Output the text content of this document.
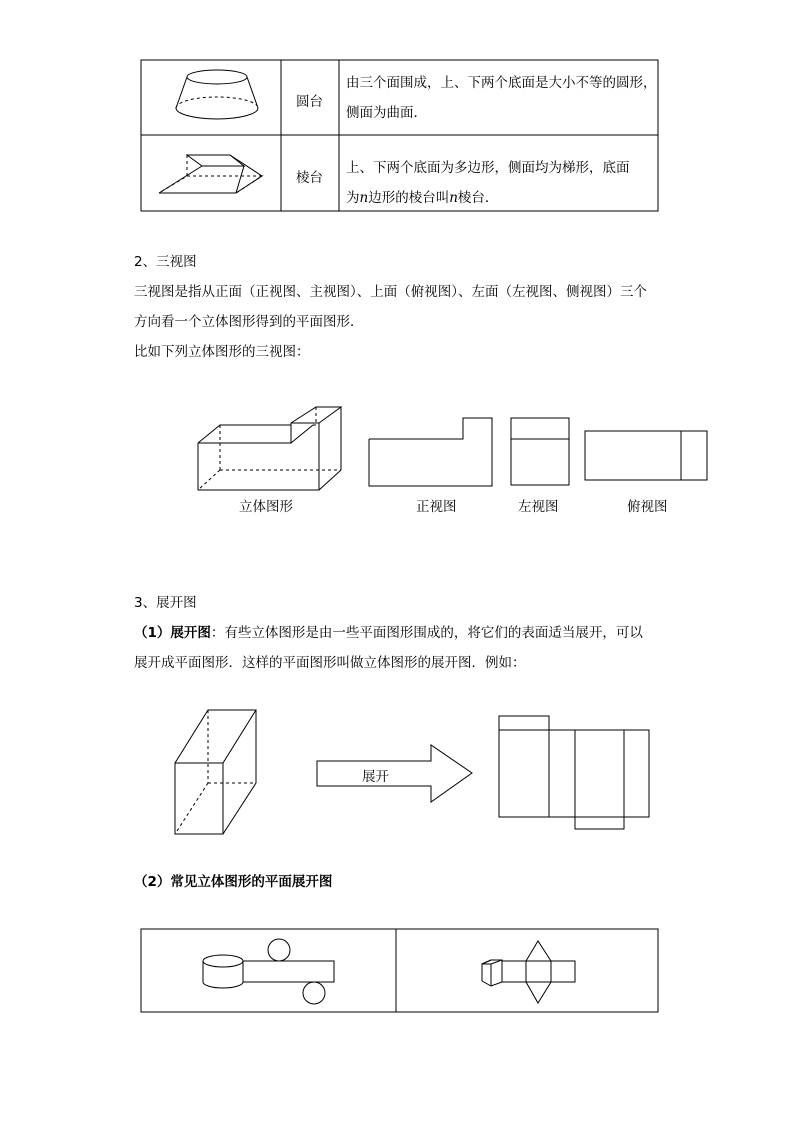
圆台
由三个面围成，上、下两个底面是大小不等的圆形，
侧面为曲面．
棱台
上、下两个底面为多边形，侧面均为梯形，底面
为n边形的棱台叫n棱台．
2、三视图
三视图是指从正面（正视图、主视图）、上面（俯视图）、左面（左视图、侧视图）三个
方向看一个立体图形得到的平面图形．
比如下列立体图形的三视图：
立体图形	正视图	左视图	俯视图
3、展开图
（1）展开图：有些立体图形是由一些平面图形围成的，将它们的表面适当展开，可以
展开成平面图形．这样的平面图形叫做立体图形的展开图．例如：
展开
（2）常见立体图形的平面展开图
